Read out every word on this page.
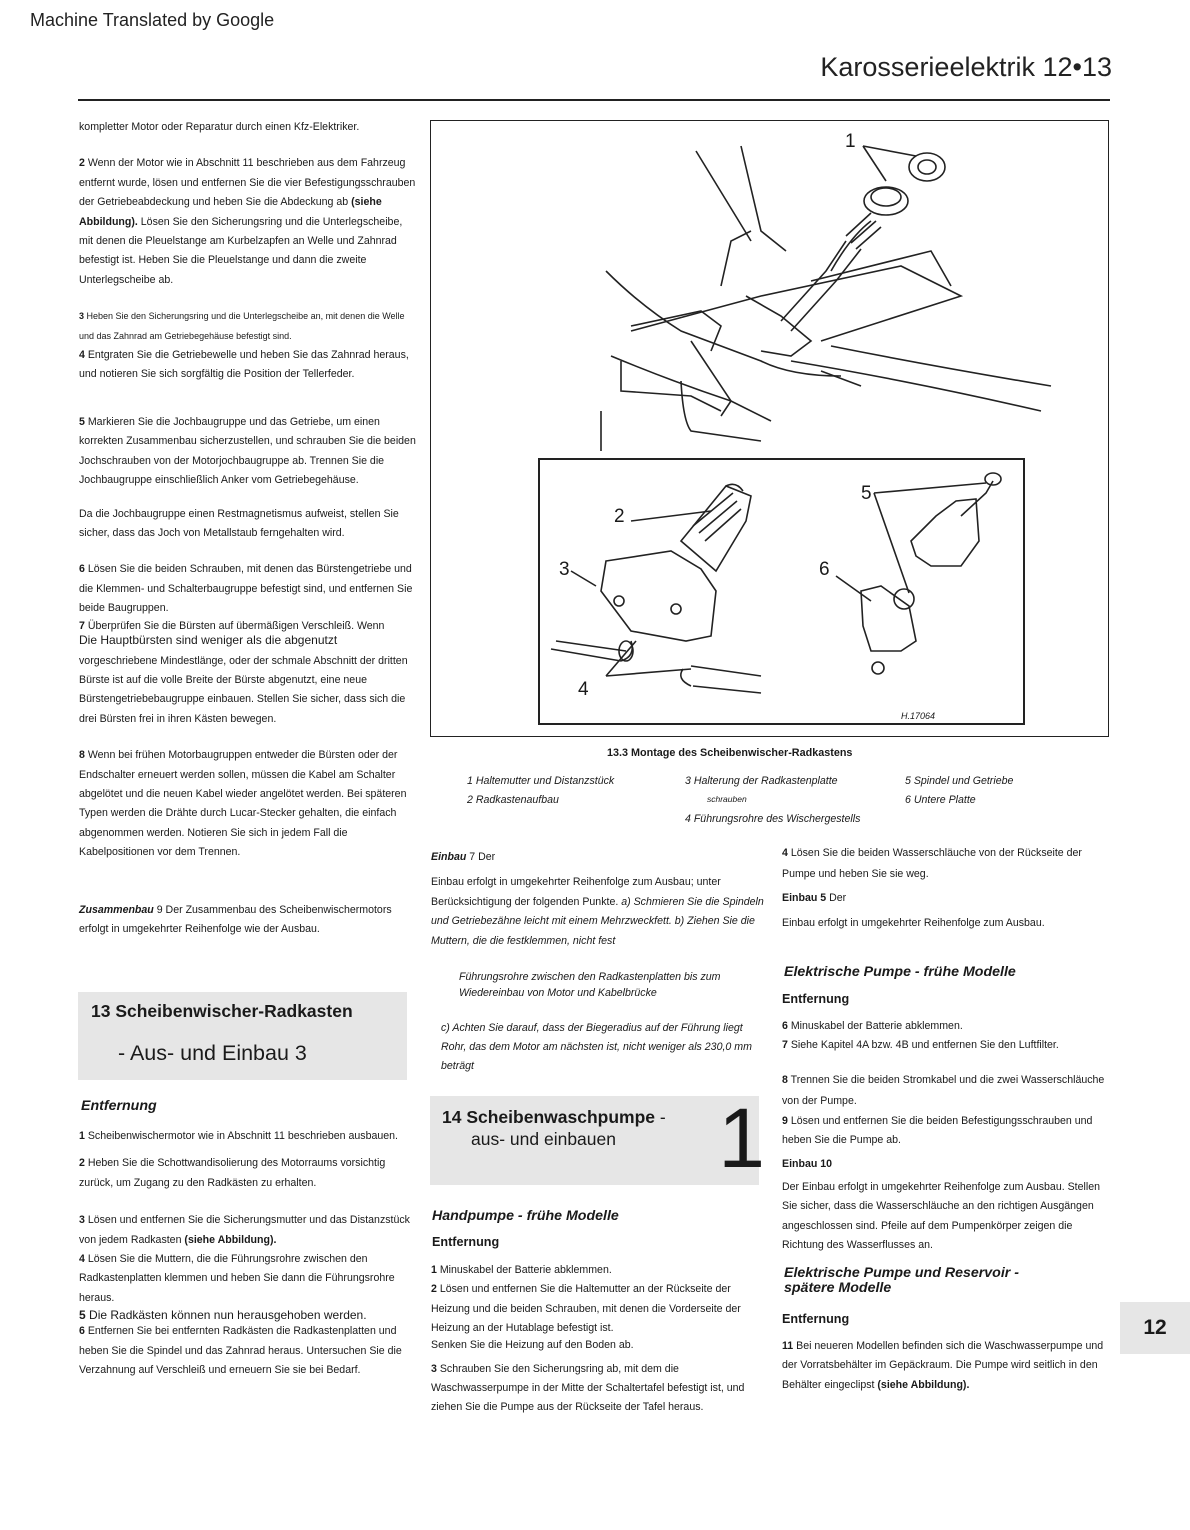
Machine Translated by Google
Karosserieelektrik 12•13

kompletter Motor oder Reparatur durch einen Kfz-Elektriker.

2 Wenn der Motor wie in Abschnitt 11 beschrieben aus dem Fahrzeug entfernt wurde, lösen und entfernen Sie die vier Befestigungsschrauben der Getriebeabdeckung und heben Sie die Abdeckung ab (siehe Abbildung). Lösen Sie den Sicherungsring und die Unterlegscheibe, mit denen die Pleuelstange am Kurbelzapfen an Welle und Zahnrad befestigt ist. Heben Sie die Pleuelstange und dann die zweite Unterlegscheibe ab.

3 Heben Sie den Sicherungsring und die Unterlegscheibe an, mit denen die Welle und das Zahnrad am Getriebegehäuse befestigt sind.

4 Entgraten Sie die Getriebewelle und heben Sie das Zahnrad heraus, und notieren Sie sich sorgfältig die Position der Tellerfeder.

5 Markieren Sie die Jochbaugruppe und das Getriebe, um einen korrekten Zusammenbau sicherzustellen, und schrauben Sie die beiden Jochschrauben von der Motorjochbaugruppe ab. Trennen Sie die Jochbaugruppe einschließlich Anker vom Getriebegehäuse.

Da die Jochbaugruppe einen Restmagnetismus aufweist, stellen Sie sicher, dass das Joch von Metallstaub ferngehalten wird.

6 Lösen Sie die beiden Schrauben, mit denen das Bürstengetriebe und die Klemmen- und Schalterbaugruppe befestigt sind, und entfernen Sie beide Baugruppen.

7 Überprüfen Sie die Bürsten auf übermäßigen Verschleiß. Wenn
Die Hauptbürsten sind weniger als die abgenutzt

vorgeschriebene Mindestlänge, oder der schmale Abschnitt der dritten Bürste ist auf die volle Breite der Bürste abgenutzt, eine neue Bürstengetriebebaugruppe einbauen. Stellen Sie sicher, dass sich die drei Bürsten frei in ihren Kästen bewegen.

8 Wenn bei frühen Motorbaugruppen entweder die Bürsten oder der Endschalter erneuert werden sollen, müssen die Kabel am Schalter abgelötet und die neuen Kabel wieder angelötet werden. Bei späteren Typen werden die Drähte durch Lucar-Stecker gehalten, die einfach abgenommen werden. Notieren Sie sich in jedem Fall die Kabelpositionen vor dem Trennen.

Zusammenbau 9 Der Zusammenbau des Scheibenwischermotors erfolgt in umgekehrter Reihenfolge wie der Ausbau.

13 Scheibenwischer-Radkasten
- Aus- und Einbau 3
Entfernung

1 Scheibenwischermotor wie in Abschnitt 11 beschrieben ausbauen.

2 Heben Sie die Schottwandisolierung des Motorraums vorsichtig zurück, um Zugang zu den Radkästen zu erhalten.

3 Lösen und entfernen Sie die Sicherungsmutter und das Distanzstück von jedem Radkasten (siehe Abbildung).

4 Lösen Sie die Muttern, die die Führungsrohre zwischen den Radkastenplatten klemmen und heben Sie dann die Führungsrohre heraus.

5 Die Radkästen können nun herausgehoben werden.

6 Entfernen Sie bei entfernten Radkästen die Radkastenplatten und heben Sie die Spindel und das Zahnrad heraus. Untersuchen Sie die Verzahnung auf Verschleiß und erneuern Sie sie bei Bedarf.

1
2
3
4
5
6
H.17064
13.3 Montage des Scheibenwischer-Radkastens
1 Haltemutter und Distanzstück
2 Radkastenaufbau
3 Halterung der Radkastenplatte
schrauben
4 Führungsrohre des Wischergestells
5 Spindel und Getriebe
6 Untere Platte

Einbau 7 Der

Einbau erfolgt in umgekehrter Reihenfolge zum Ausbau; unter Berücksichtigung der folgenden Punkte. a) Schmieren Sie die Spindeln und Getriebezähne leicht mit einem Mehrzweckfett. b) Ziehen Sie die Muttern, die die festklemmen, nicht fest

Führungsrohre zwischen den Radkastenplatten bis zum Wiedereinbau von Motor und Kabelbrücke

c) Achten Sie darauf, dass der Biegeradius auf der Führung liegt Rohr, das dem Motor am nächsten ist, nicht weniger als 230,0 mm beträgt

14 Scheibenwaschpumpe -
aus- und einbauen 1
Handpumpe - frühe Modelle
Entfernung

1 Minuskabel der Batterie abklemmen.

2 Lösen und entfernen Sie die Haltemutter an der Rückseite der Heizung und die beiden Schrauben, mit denen die Vorderseite der Heizung an der Hutablage befestigt ist.

Senken Sie die Heizung auf den Boden ab.

3 Schrauben Sie den Sicherungsring ab, mit dem die Waschwasserpumpe in der Mitte der Schaltertafel befestigt ist, und ziehen Sie die Pumpe aus der Rückseite der Tafel heraus.

4 Lösen Sie die beiden Wasserschläuche von der Rückseite der Pumpe und heben Sie sie weg.

Einbau 5 Der

Einbau erfolgt in umgekehrter Reihenfolge zum Ausbau.

Elektrische Pumpe - frühe Modelle
Entfernung

6 Minuskabel der Batterie abklemmen.

7 Siehe Kapitel 4A bzw. 4B und entfernen Sie den Luftfilter.

8 Trennen Sie die beiden Stromkabel und die zwei Wasserschläuche von der Pumpe.

9 Lösen und entfernen Sie die beiden Befestigungsschrauben und heben Sie die Pumpe ab.

Einbau 10

Der Einbau erfolgt in umgekehrter Reihenfolge zum Ausbau. Stellen Sie sicher, dass die Wasserschläuche an den richtigen Ausgängen angeschlossen sind. Pfeile auf dem Pumpenkörper zeigen die Richtung des Wasserflusses an.

Elektrische Pumpe und Reservoir -
spätere Modelle
Entfernung

11 Bei neueren Modellen befinden sich die Waschwasserpumpe und der Vorratsbehälter im Gepäckraum. Die Pumpe wird seitlich in den Behälter eingeclipst (siehe Abbildung).

12
